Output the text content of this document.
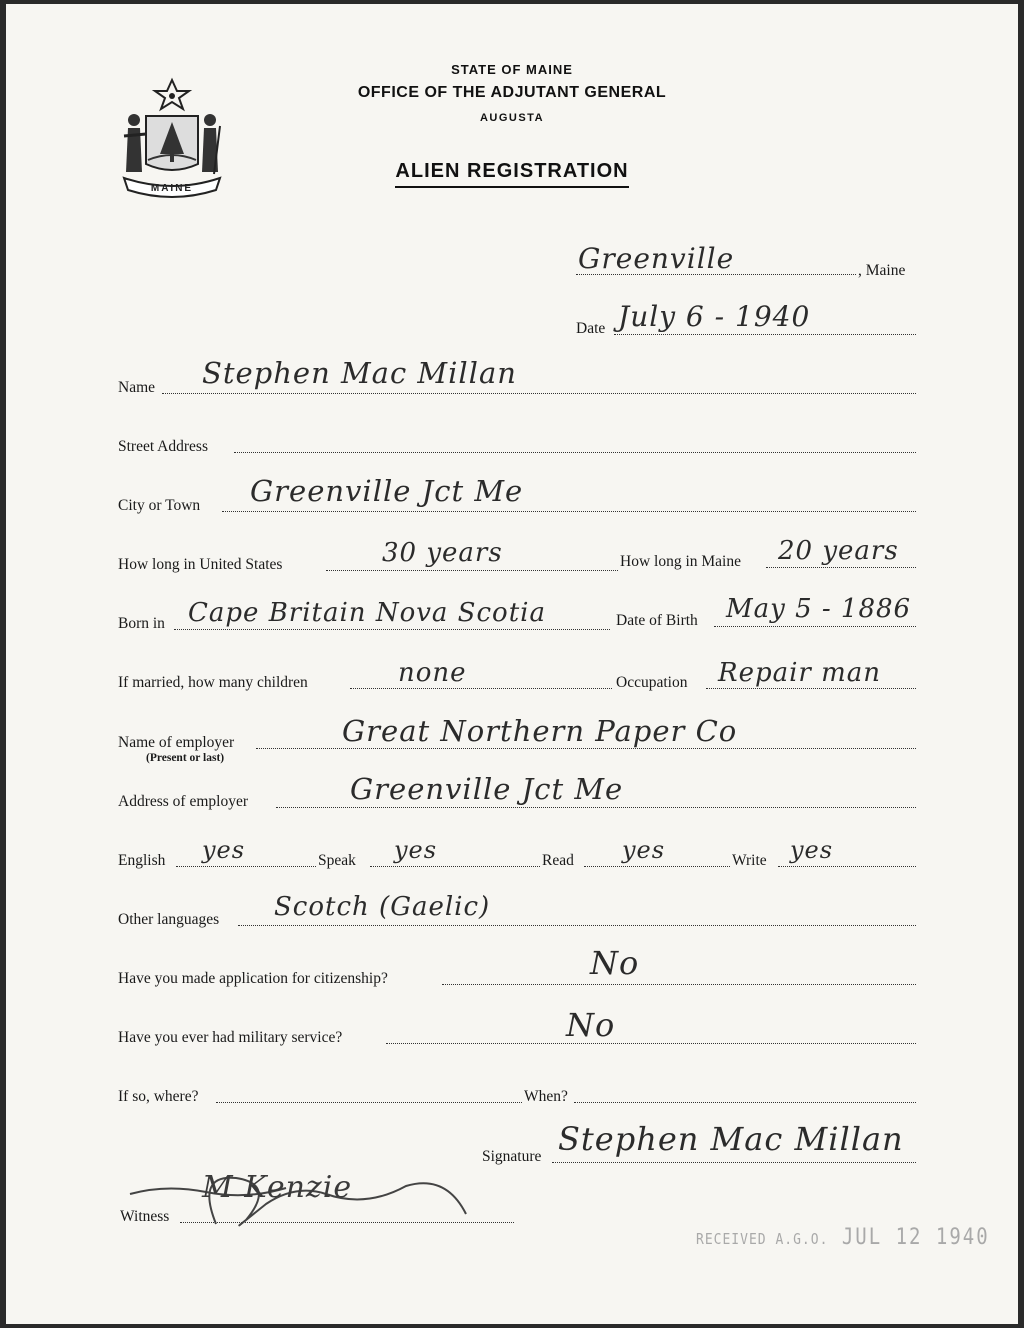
MAINE
STATE OF MAINE
OFFICE OF THE ADJUTANT GENERAL
AUGUSTA
ALIEN REGISTRATION
Greenville	, Maine
Date July 6 - 1940
Name Stephen Mac Millan
Street Address
City or Town Greenville Jct Me
How long in United States	30 years	How long in Maine 20 years
Born in Cape Britain Nova Scotia	Date of Birth May 5 - 1886
If married, how many children	none	Occupation Repair man
Name of employer
(Present or last)
Great Northern Paper Co
Address of employer	Greenville Jct Me
English yes	Speak yes	Read yes	Write yes
Other languages Scotch (Gaelic)
Have you made application for citizenship?	No
Have you ever had military service?	No
If so, where?	When?
Signature Stephen Mac Millan
Witness
M Kenzie
RECEIVED A.G.O. JUL 12 1940
